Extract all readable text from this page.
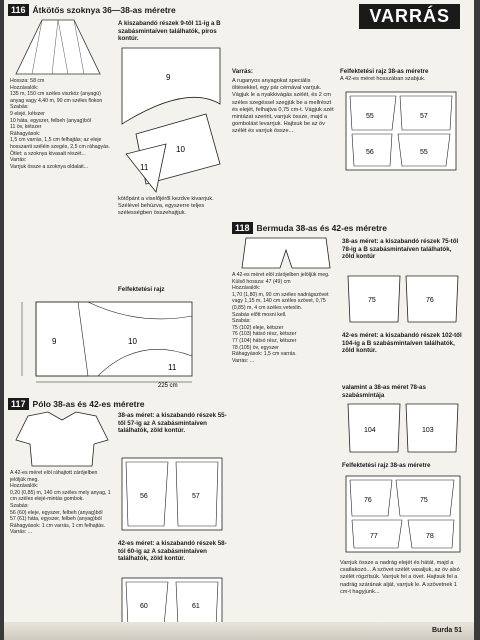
VARRÁS
116 Átkötős szoknya 36—38-as méretre
Hossza: 58 cm
Hozzávalók:
135 m, 150 cm széles viszkóz (anyagú) anyag vagy 4,40 m, 90 cm széles flokon
Szabás:
9 elejé, kétszer
10 háta, egyszer, felbeh (anyag)ból
11 öv, kétszer
Ráhagyások:
1,5 cm varrás, 1,5 cm felhajtás; az eleje hosszanti széléin szegés, 2,5 cm ráhagyás.
Ötlet: a szoknya kivasalt részét...
Varrás:
Varrjuk össze a szoknya oldalait...
A kiszabandó részek 9-től 11-ig a B szabásmintaíven találhatók, piros kontúr.
9
10
11
kötőpánt a viselőjéről kezdve kivarrjuk. Szélével behúzva, egyszerre teljes szélességben összehajtjuk.
Felfektetési rajz
9	10
11
225 cm
Varrás:
A ruganyos anyagokat speciális öltésekkel, egy pár cérnával varrjuk. Vágjuk le a nyakkivágás szélét, és 2 cm széles szegéssel szegjük be a mellrészt és elejét, felhajtva 0,75 cm-t. Vágjuk szét mintázat szerint, varrjuk össze, majd a gombolást levarrjuk. Hajtsuk be az öv szélét és varrjuk össze...
Felfektetési rajz 38-as méretre
A 42-es méret hosszában szabjuk.
55	57
56	55
118 Bermuda 38-as és 42-es méretre
A 42-es méret elöl zárójelben jelöljük meg.
Külső hossza: 47 (49) cm
Hozzávalók:
1,70 (1,80) m, 90 cm széles nadrágszövet vagy 1,15 m, 140 cm széles szövet, 0,75 (0,85) m, 4 cm széles vetexlin.
Szabás előtt mosni kell.
Szabás:
75 (102) eleje, kétszer
76 (103) hátsó rész, kétszer
77 (104) hátsó rész, kétszer
78 (105) öv, egyszer
Ráhagyások: 1,5 cm varrás.
Varrás: ...
38-as méret: a kiszabandó részek 75-től 78-ig a B szabásmintaíven találhatók, zöld kontúr
75	76
42-es méret: a kiszabandó részek 102-től 104-ig a B szabásmintaíven találhatók, zöld kontúr.
valamint a 38-as méret 78-as szabásmintája
104	103
Felfektetési rajz 38-as méretre
76	75
77	78
Varrjuk össze a nadrág elejét és hátát, majd a csatlakozó... A szövet szélét vasaljuk, az öv alsó szélét rögzítsük. Varrjuk fel a övet. Hajtsuk fel a nadrág szárának alját, varrjuk le. A szövetnek 1 cm-t hagyjunk...
117 Pólo 38-as és 42-es méretre
A 42-es méret elöl ráhajtott zárójelben jelöljük meg.
Hozzávalók:
0,20 (0,85) m, 140 cm széles mely anyag, 1 cm széles elejé-mintás gombok.
Szabás:
56 (60) eleje, egyszer, felbeh (anyag)ból
57 (61) háta, egyszer, felbeh (anyag)ból
Ráhagyások: 1 cm varrás, 1 cm felhajtás.
Varrás: ...
38-as méret: a kiszabandó részek 55-től 57-ig az A szabásmintaíven találhatók, zöld kontúr.
56	57
42-es méret: a kiszabandó részek 58-tól 60-ig az A szabásmintaíven találhatók, zöld kontúr.
60	61
Burda 51
